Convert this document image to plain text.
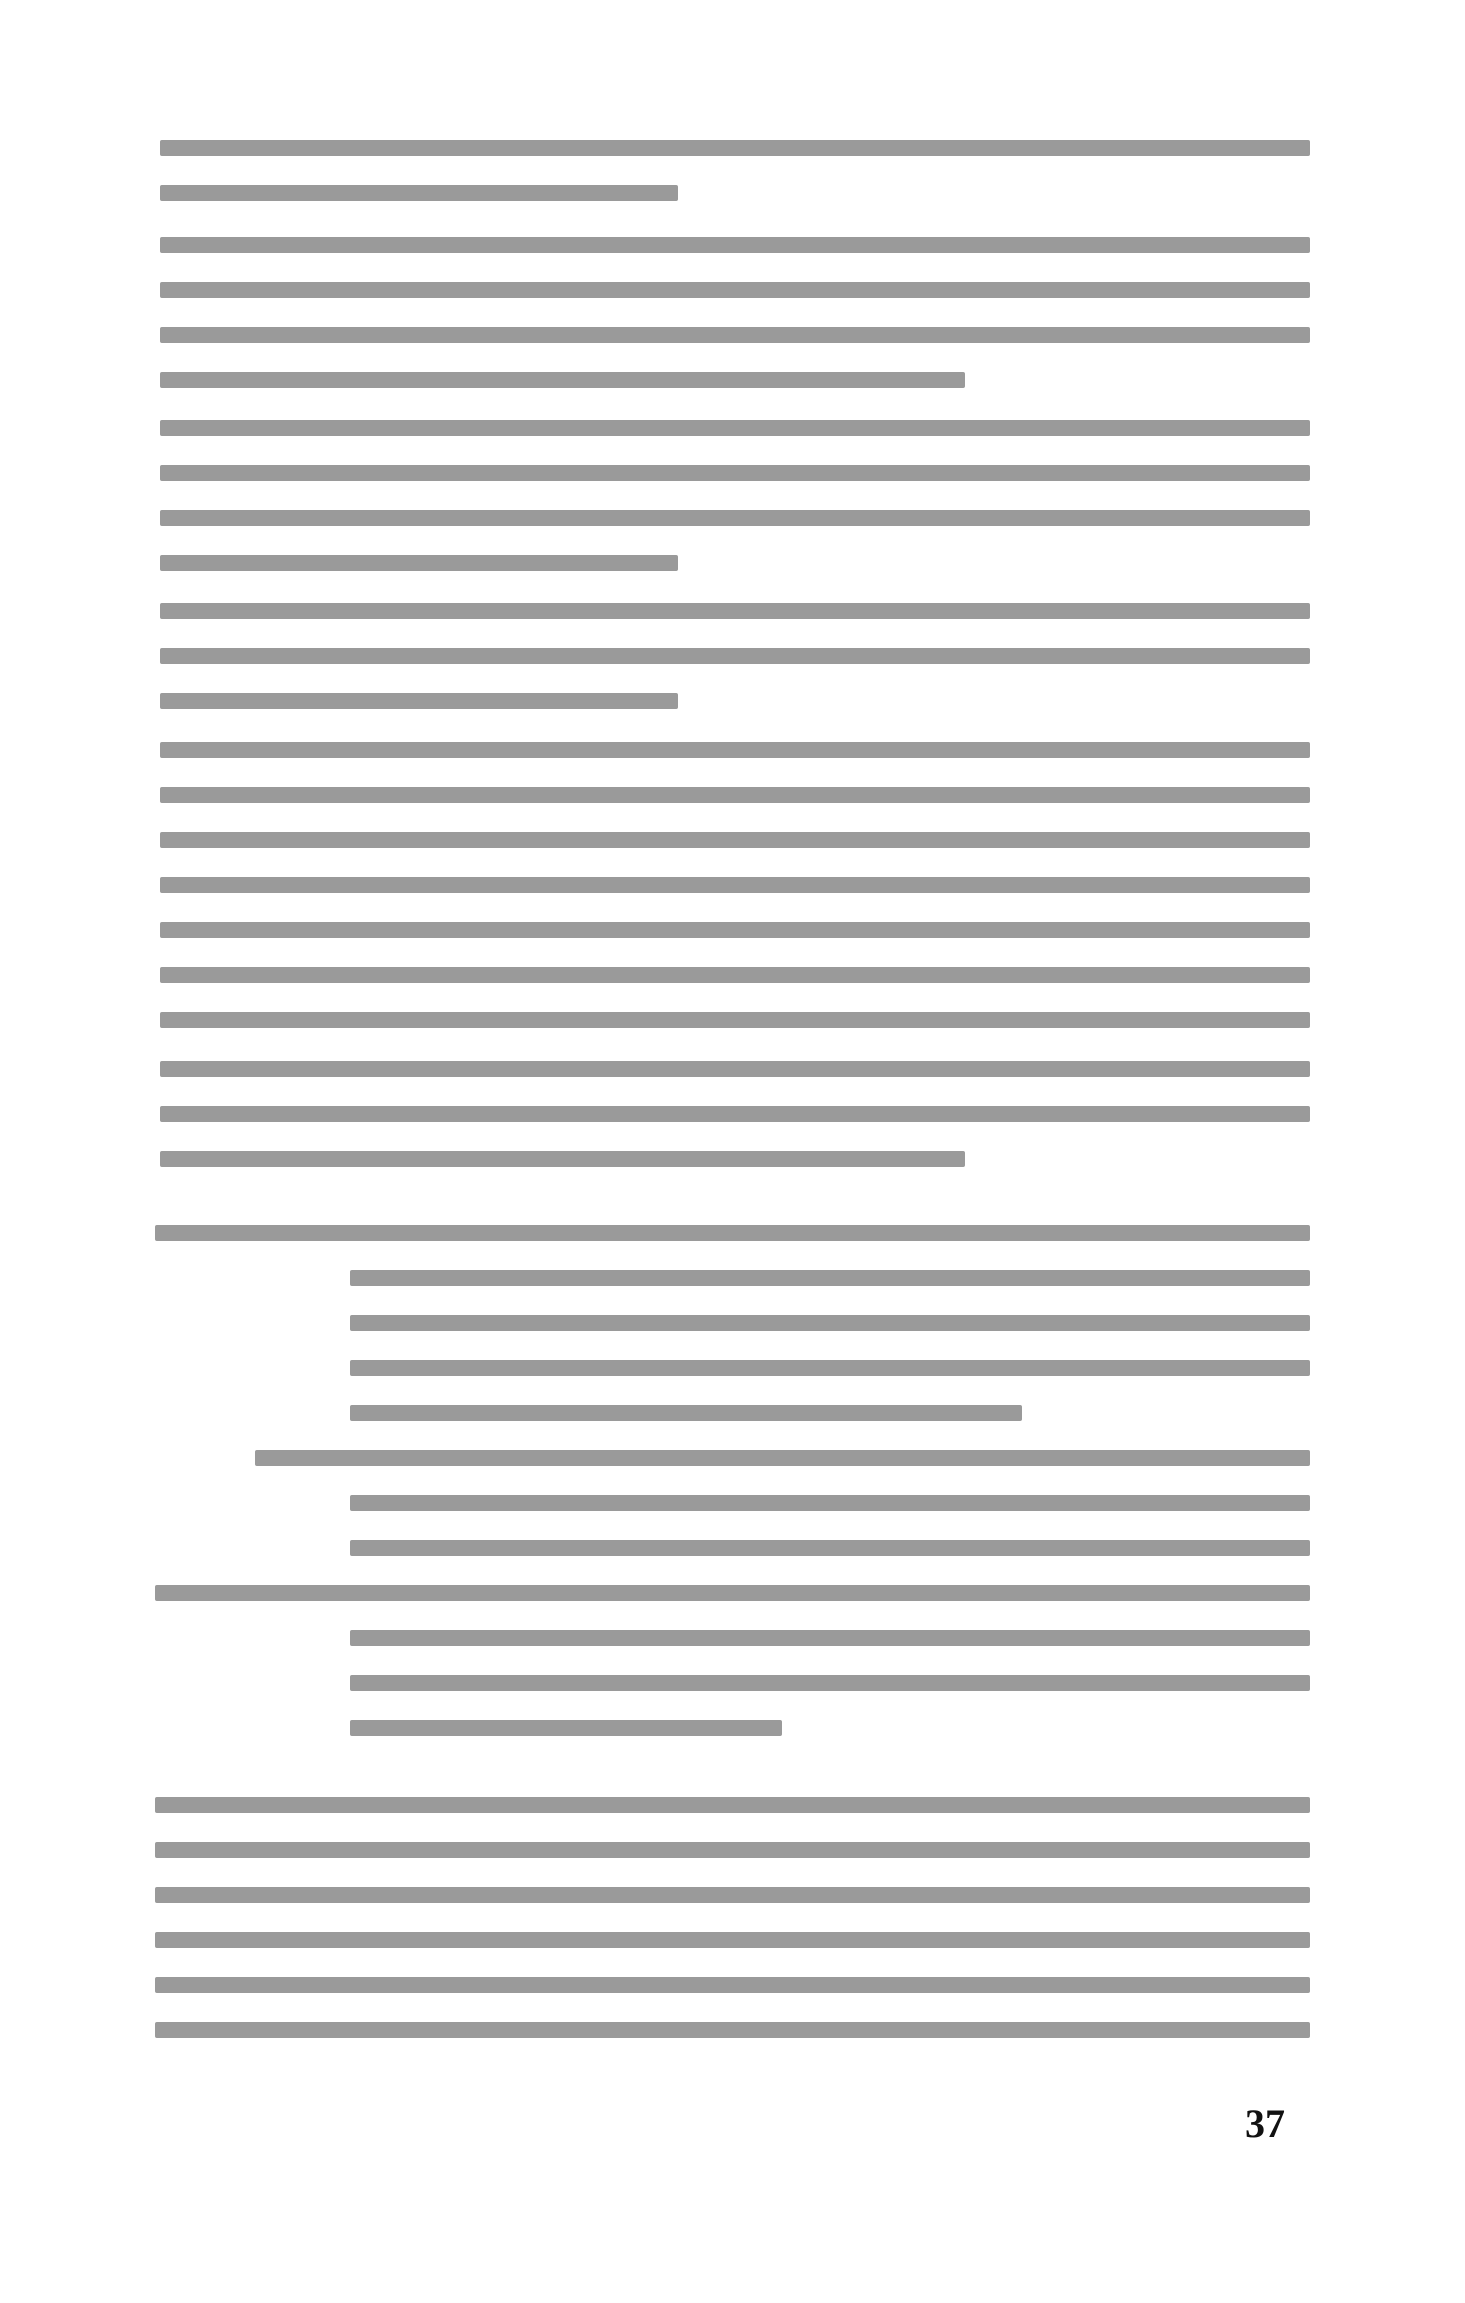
37
